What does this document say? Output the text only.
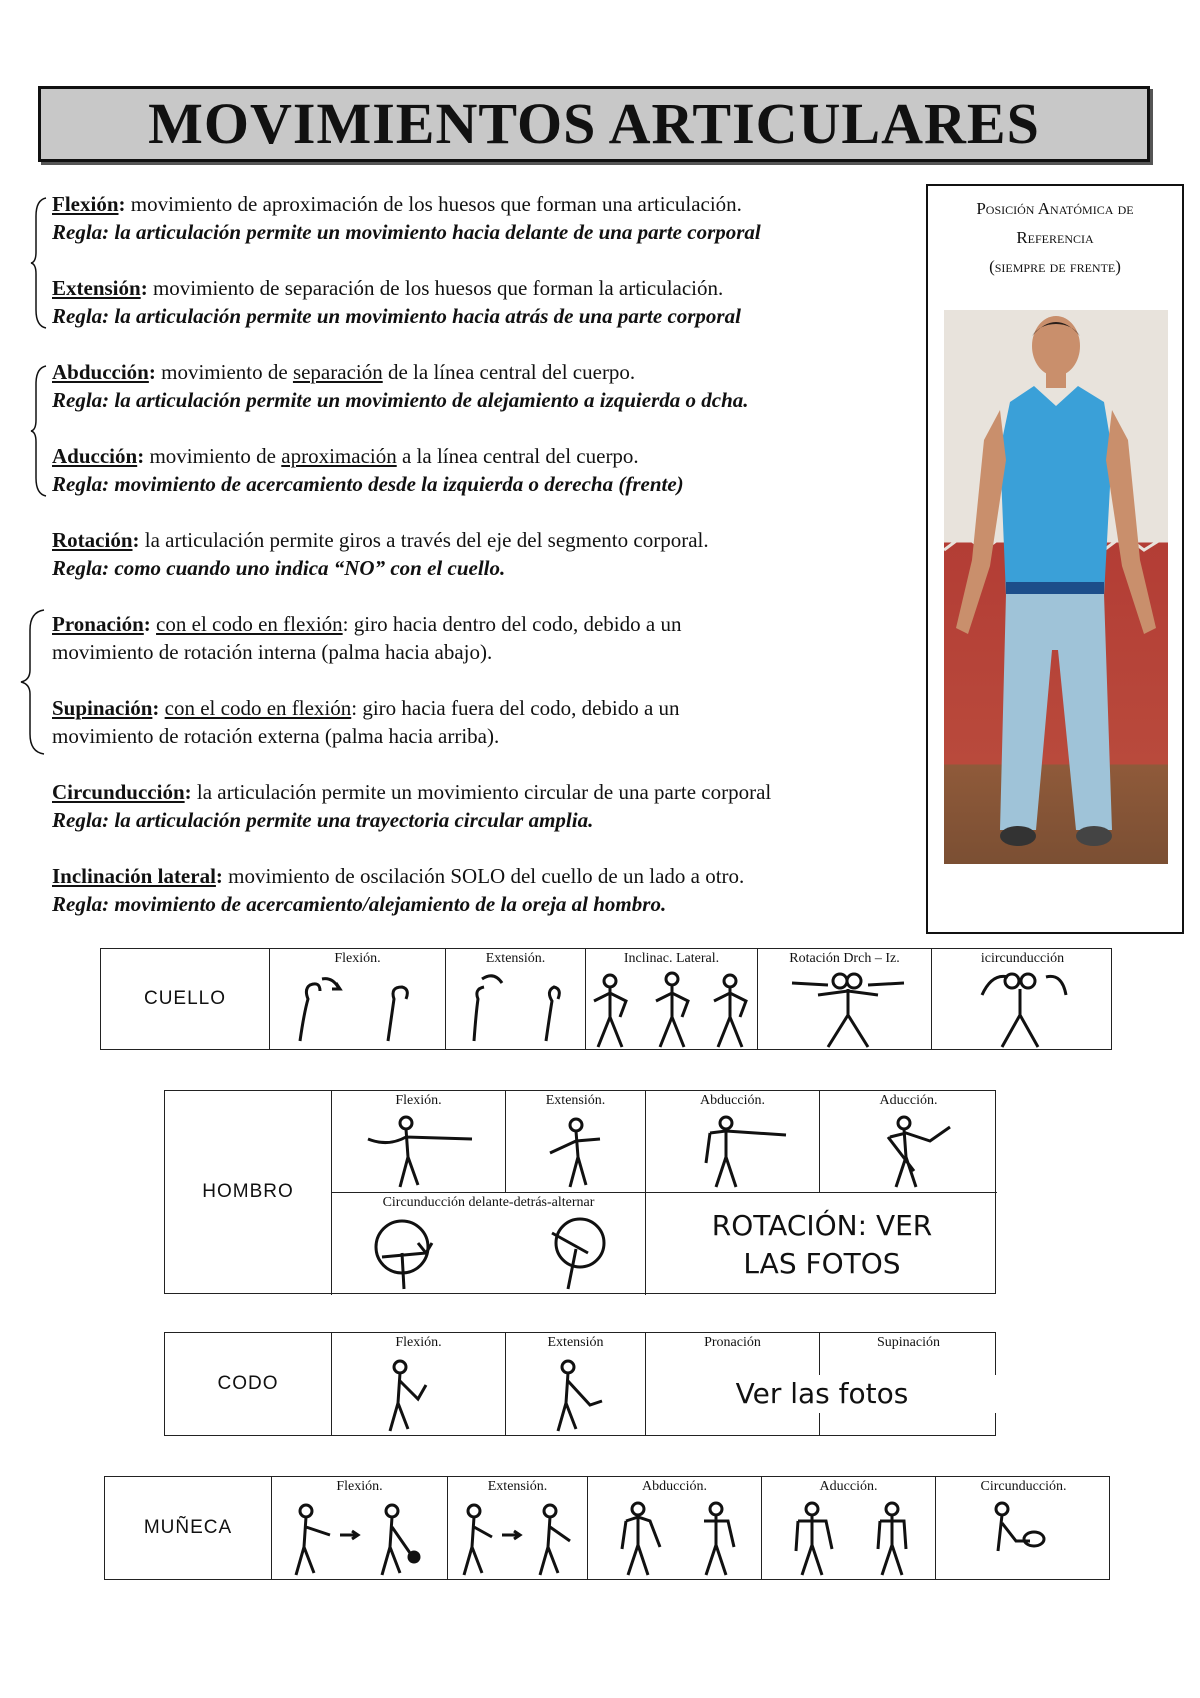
MOVIMIENTOS ARTICULARES
Flexión: movimiento de aproximación de los huesos que forman una articulación.
Regla: la articulación permite un movimiento hacia delante de una parte corporal
Extensión: movimiento de separación de los huesos que forman la articulación.
Regla: la articulación permite un movimiento hacia atrás de una parte corporal
Abducción: movimiento de separación de la línea central del cuerpo.
Regla: la articulación permite un movimiento de alejamiento a izquierda o dcha.
Aducción: movimiento de aproximación a la línea central del cuerpo.
Regla: movimiento de acercamiento desde la izquierda o derecha (frente)
Rotación: la articulación permite giros a través del eje del segmento corporal.
Regla: como cuando uno indica “NO” con el cuello.
Pronación: con el codo en flexión: giro hacia dentro del codo, debido a un
movimiento de rotación interna (palma hacia abajo).
Supinación: con el codo en flexión: giro hacia fuera del codo, debido a un
movimiento de rotación externa (palma hacia arriba).
Circunducción: la articulación permite un movimiento circular de una parte corporal
Regla: la articulación permite una trayectoria circular amplia.
Inclinación lateral: movimiento de oscilación SOLO del cuello de un lado a otro.
Regla: movimiento de acercamiento/alejamiento de la oreja al hombro.
Posición Anatómica de
Referencia
(siempre de frente)
CUELLO
Flexión.	Extensión.	Inclinac. Lateral.	Rotación Drch – Iz.	icircunducción
HOMBRO
Flexión.	Extensión.	Abducción.	Aducción.
Circunducción delante-detrás-alternar
ROTACIÓN: VER
LAS FOTOS
CODO
Flexión.	Extensión	Pronación	Supinación
Ver las fotos
MUÑECA
Flexión.	Extensión.	Abducción.	Aducción.	Circunducción.
